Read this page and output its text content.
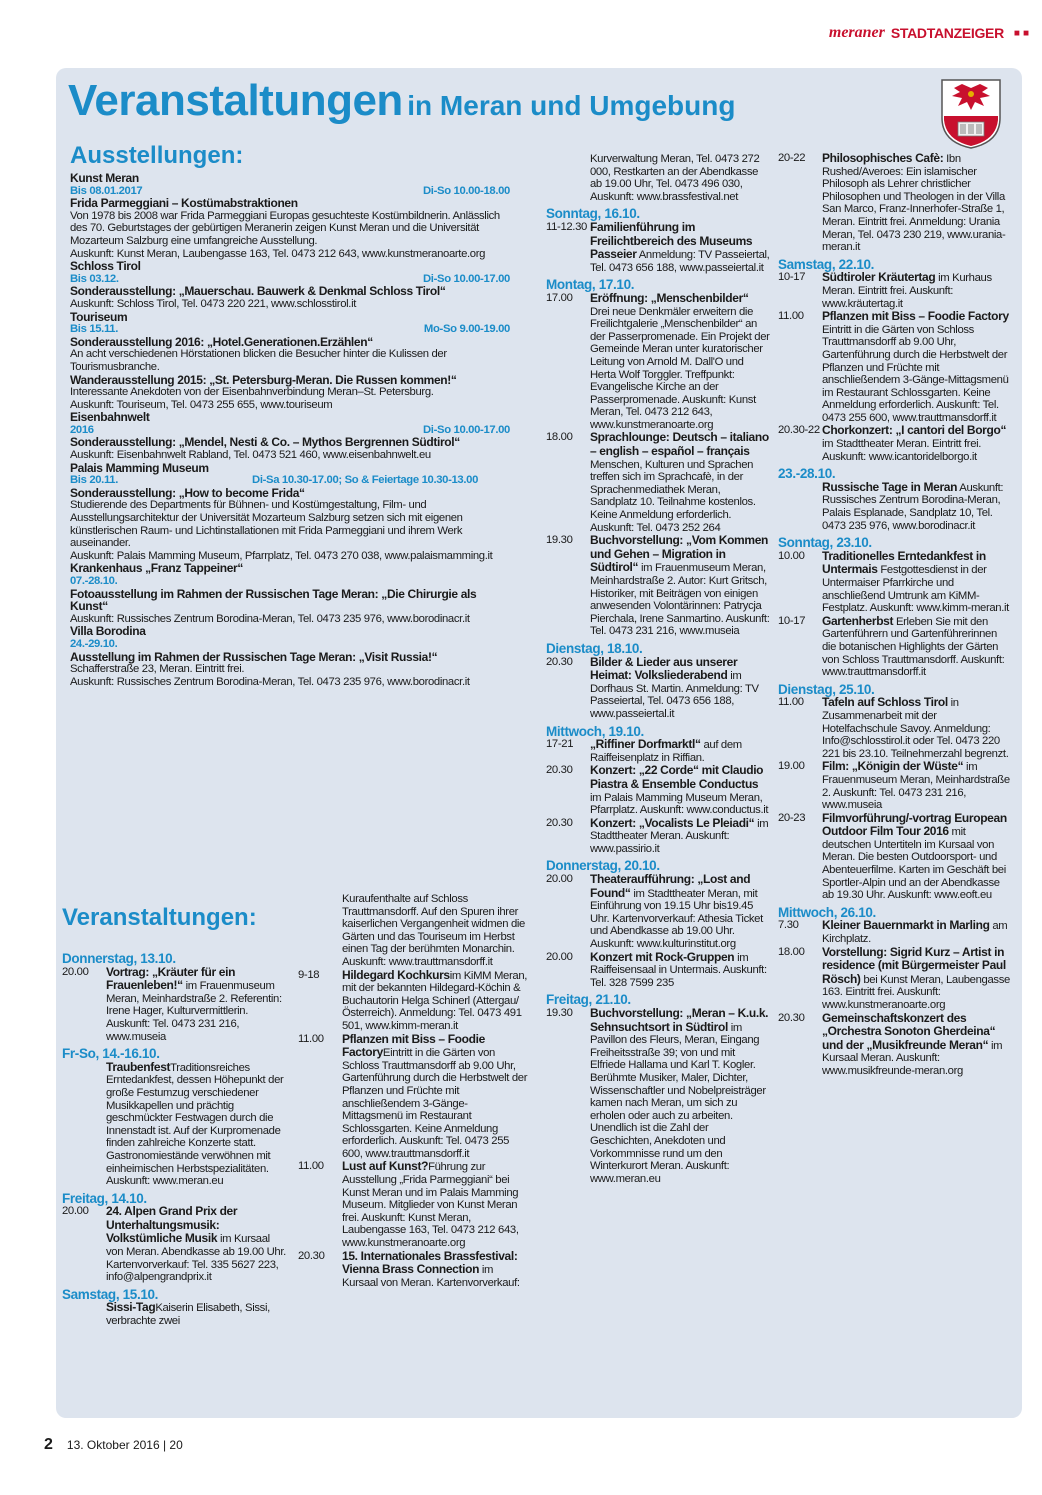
meraner STADTANZEIGER ■■
Veranstaltungen in Meran und Umgebung
Ausstellungen:

Kunst Meran

Bis 08.01.2017	Di-So 10.00-18.00

Frida Parmeggiani – Kostümabstraktionen

Von 1978 bis 2008 war Frida Parmeggiani Europas gesuchteste Kostümbildnerin. Anlässlich des 70. Geburtstages der gebürtigen Meranerin zeigen Kunst Meran und die Universität Mozarteum Salzburg eine umfangreiche Ausstellung.

Auskunft: Kunst Meran, Laubengasse 163, Tel. 0473 212 643, www.kunstmeranoarte.org

Schloss Tirol

Bis 03.12.	Di-So 10.00-17.00

Sonderausstellung: „Mauerschau. Bauwerk & Denkmal Schloss Tirol“

Auskunft: Schloss Tirol, Tel. 0473 220 221, www.schlosstirol.it

Touriseum

Bis 15.11.	Mo-So 9.00-19.00

Sonderausstellung 2016: „Hotel.Generationen.Erzählen“

An acht verschiedenen Hörstationen blicken die Besucher hinter die Kulissen der Tourismusbranche.

Wanderausstellung 2015: „St. Petersburg-Meran. Die Russen kommen!“

Interessante Anekdoten von der Eisenbahnverbindung Meran–St. Petersburg.

Auskunft: Touriseum, Tel. 0473 255 655, www.touriseum

Eisenbahnwelt

2016	Di-So 10.00-17.00

Sonderausstellung: „Mendel, Nesti & Co. – Mythos Bergrennen Südtirol“

Auskunft: Eisenbahnwelt Rabland, Tel. 0473 521 460, www.eisenbahnwelt.eu

Palais Mamming Museum

Bis 20.11.	Di-Sa 10.30-17.00; So & Feiertage 10.30-13.00

Sonderausstellung: „How to become Frida“

Studierende des Departments für Bühnen- und Kostümgestaltung, Film- und Ausstellungsarchitektur der Universität Mozarteum Salzburg setzen sich mit eigenen künstlerischen Raum- und Lichtinstallationen mit Frida Parmeggiani und ihrem Werk auseinander.

Auskunft: Palais Mamming Museum, Pfarrplatz, Tel. 0473 270 038, www.palaismamming.it

Krankenhaus „Franz Tappeiner“

07.-28.10.

Fotoausstellung im Rahmen der Russischen Tage Meran: „Die Chirurgie als Kunst“

Auskunft: Russisches Zentrum Borodina-Meran, Tel. 0473 235 976, www.borodinacr.it

Villa Borodina

24.-29.10.

Ausstellung im Rahmen der Russischen Tage Meran: „Visit Russia!“

Schafferstraße 23, Meran. Eintritt frei.

Auskunft: Russisches Zentrum Borodina-Meran, Tel. 0473 235 976, www.borodinacr.it

Veranstaltungen:
Donnerstag, 13.10.
20.00	Vortrag: „Kräuter für ein Frauenleben!“ im Frauenmuseum Meran, Meinhardstraße 2. Referentin: Irene Hager, Kulturvermittlerin. Auskunft: Tel. 0473 231 216, www.museia
Fr-So, 14.-16.10.
TraubenfestTraditionsreiches Erntedankfest, dessen Höhepunkt der große Festumzug verschiedener Musikkapellen und prächtig geschmückter Festwagen durch die Innenstadt ist. Auf der Kurpromenade finden zahlreiche Konzerte statt. Gastronomiestände verwöhnen mit einheimischen Herbstspezialitäten. Auskunft: www.meran.eu
Freitag, 14.10.
20.00	24. Alpen Grand Prix der Unterhaltungsmusik: Volkstümliche Musik im Kursaal von Meran. Abendkasse ab 19.00 Uhr. Kartenvorverkauf: Tel. 335 5627 223, info@alpengrandprix.it
Samstag, 15.10.
Sissi-TagKaiserin Elisabeth, Sissi, verbrachte zwei
Kuraufenthalte auf Schloss Trauttmansdorff. Auf den Spuren ihrer kaiserlichen Vergangenheit widmen die Gärten und das Touriseum im Herbst einen Tag der berühmten Monarchin. Auskunft: www.trauttmansdorff.it
9-18	Hildegard Kochkursim KiMM Meran, mit der bekannten Hildegard-Köchin & Buchautorin Helga Schinerl (Attergau/Österreich). Anmeldung: Tel. 0473 491 501, www.kimm-meran.it
11.00	Pflanzen mit Biss – Foodie FactoryEintritt in die Gärten von Schloss Trauttmansdorff ab 9.00 Uhr, Gartenführung durch die Herbstwelt der Pflanzen und Früchte mit anschließendem 3-Gänge-Mittagsmenü im Restaurant Schlossgarten. Keine Anmeldung erforderlich. Auskunft: Tel. 0473 255 600, www.trauttmansdorff.it
11.00	Lust auf Kunst?Führung zur Ausstellung „Frida Parmeggiani“ bei Kunst Meran und im Palais Mamming Museum. Mitglieder von Kunst Meran frei. Auskunft: Kunst Meran, Laubengasse 163, Tel. 0473 212 643, www.kunstmeranoarte.org
20.30	15. Internationales Brassfestival: Vienna Brass Connection im Kursaal von Meran. Kartenvorverkauf:
Kurverwaltung Meran, Tel. 0473 272 000, Restkarten an der Abendkasse ab 19.00 Uhr, Tel. 0473 496 030, Auskunft: www.brassfestival.net
Sonntag, 16.10.
11-12.30 Familienführung im Freilichtbereich des Museums Passeier Anmeldung: TV Passeiertal, Tel. 0473 656 188, www.passeiertal.it
Montag, 17.10.
17.00	Eröffnung: „Menschenbilder“ Drei neue Denkmäler erweitern die Freilichtgalerie „Menschenbilder“ an der Passerpromenade. Ein Projekt der Gemeinde Meran unter kuratorischer Leitung von Arnold M. Dall'O und Herta Wolf Torggler. Treffpunkt: Evangelische Kirche an der Passerpromenade. Auskunft: Kunst Meran, Tel. 0473 212 643, www.kunstmeranoarte.org
18.00	Sprachlounge: Deutsch – italiano – english – español – français Menschen, Kulturen und Sprachen treffen sich im Sprachcafè, in der Sprachenmediathek Meran, Sandplatz 10. Teilnahme kostenlos. Keine Anmeldung erforderlich. Auskunft: Tel. 0473 252 264
19.30	Buchvorstellung: „Vom Kommen und Gehen – Migration in Südtirol“ im Frauenmuseum Meran, Meinhardstraße 2. Autor: Kurt Gritsch, Historiker, mit Beiträgen von einigen anwesenden Volontärinnen: Patrycja Pierchala, Irene Sanmartino. Auskunft: Tel. 0473 231 216, www.museia
Dienstag, 18.10.
20.30	Bilder & Lieder aus unserer Heimat: Volksliederabend im Dorfhaus St. Martin. Anmeldung: TV Passeiertal, Tel. 0473 656 188, www.passeiertal.it
Mittwoch, 19.10.
17-21	„Riffiner Dorfmarktl“ auf dem Raiffeisenplatz in Riffian.
20.30	Konzert: „22 Corde“ mit Claudio Piastra & Ensemble Conductus im Palais Mamming Museum Meran, Pfarrplatz. Auskunft: www.conductus.it
20.30	Konzert: „Vocalists Le Pleiadi“ im Stadttheater Meran. Auskunft: www.passirio.it
Donnerstag, 20.10.
20.00	Theateraufführung: „Lost and Found“ im Stadttheater Meran, mit Einführung von 19.15 Uhr bis19.45 Uhr. Kartenvorverkauf: Athesia Ticket und Abendkasse ab 19.00 Uhr. Auskunft: www.kulturinstitut.org
20.00	Konzert mit Rock-Gruppen im Raiffeisensaal in Untermais. Auskunft: Tel. 328 7599 235
Freitag, 21.10.
19.30	Buchvorstellung: „Meran – K.u.k. Sehnsuchtsort in Südtirol im Pavillon des Fleurs, Meran, Eingang Freiheitsstraße 39; von und mit Elfriede Hallama und Karl T. Kogler. Berühmte Musiker, Maler, Dichter, Wissenschaftler und Nobelpreisträger kamen nach Meran, um sich zu erholen oder auch zu arbeiten. Unendlich ist die Zahl der Geschichten, Anekdoten und Vorkommnisse rund um den Winterkurort Meran. Auskunft: www.meran.eu
20-22	Philosophisches Cafè: Ibn Rushed/Averoes: Ein islamischer Philosoph als Lehrer christlicher Philosophen und Theologen in der Villa San Marco, Franz-Innerhofer-Straße 1, Meran. Eintritt frei. Anmeldung: Urania Meran, Tel. 0473 230 219, www.urania-meran.it
Samstag, 22.10.
10-17	Südtiroler Kräutertag im Kurhaus Meran. Eintritt frei. Auskunft: www.kräutertag.it
11.00	Pflanzen mit Biss – Foodie Factory Eintritt in die Gärten von Schloss Trauttmansdorff ab 9.00 Uhr, Gartenführung durch die Herbstwelt der Pflanzen und Früchte mit anschließendem 3-Gänge-Mittagsmenü im Restaurant Schlossgarten. Keine Anmeldung erforderlich. Auskunft: Tel. 0473 255 600, www.trauttmansdorff.it
20.30-22 Chorkonzert: „I cantori del Borgo“ im Stadttheater Meran. Eintritt frei. Auskunft: www.icantoridelborgo.it
23.-28.10.
Russische Tage in Meran Auskunft: Russisches Zentrum Borodina-Meran, Palais Esplanade, Sandplatz 10, Tel. 0473 235 976, www.borodinacr.it
Sonntag, 23.10.
10.00	Traditionelles Erntedankfest in Untermais Festgottesdienst in der Untermaiser Pfarrkirche und anschließend Umtrunk am KiMM-Festplatz. Auskunft: www.kimm-meran.it
10-17	Gartenherbst Erleben Sie mit den Gartenführern und Gartenführerinnen die botanischen Highlights der Gärten von Schloss Trauttmansdorff. Auskunft: www.trauttmansdorff.it
Dienstag, 25.10.
11.00	Tafeln auf Schloss Tirol in Zusammenarbeit mit der Hotelfachschule Savoy. Anmeldung: Info@schlosstirol.it oder Tel. 0473 220 221 bis 23.10. Teilnehmerzahl begrenzt.
19.00	Film: „Königin der Wüste“ im Frauenmuseum Meran, Meinhardstraße 2. Auskunft: Tel. 0473 231 216, www.museia
20-23	Filmvorführung/-vortrag European Outdoor Film Tour 2016 mit deutschen Untertiteln im Kursaal von Meran. Die besten Outdoorsport- und Abenteuerfilme. Karten im Geschäft bei Sportler-Alpin und an der Abendkasse ab 19.30 Uhr. Auskunft: www.eoft.eu
Mittwoch, 26.10.
7.30	Kleiner Bauernmarkt in Marling am Kirchplatz.
18.00	Vorstellung: Sigrid Kurz – Artist in residence (mit Bürgermeister Paul Rösch) bei Kunst Meran, Laubengasse 163. Eintritt frei. Auskunft: www.kunstmeranoarte.org
20.30	Gemeinschaftskonzert des „Orchestra Sonoton Gherdeina“ und der „Musikfreunde Meran“ im Kursaal Meran. Auskunft: www.musikfreunde-meran.org
2 13. Oktober 2016 | 20
